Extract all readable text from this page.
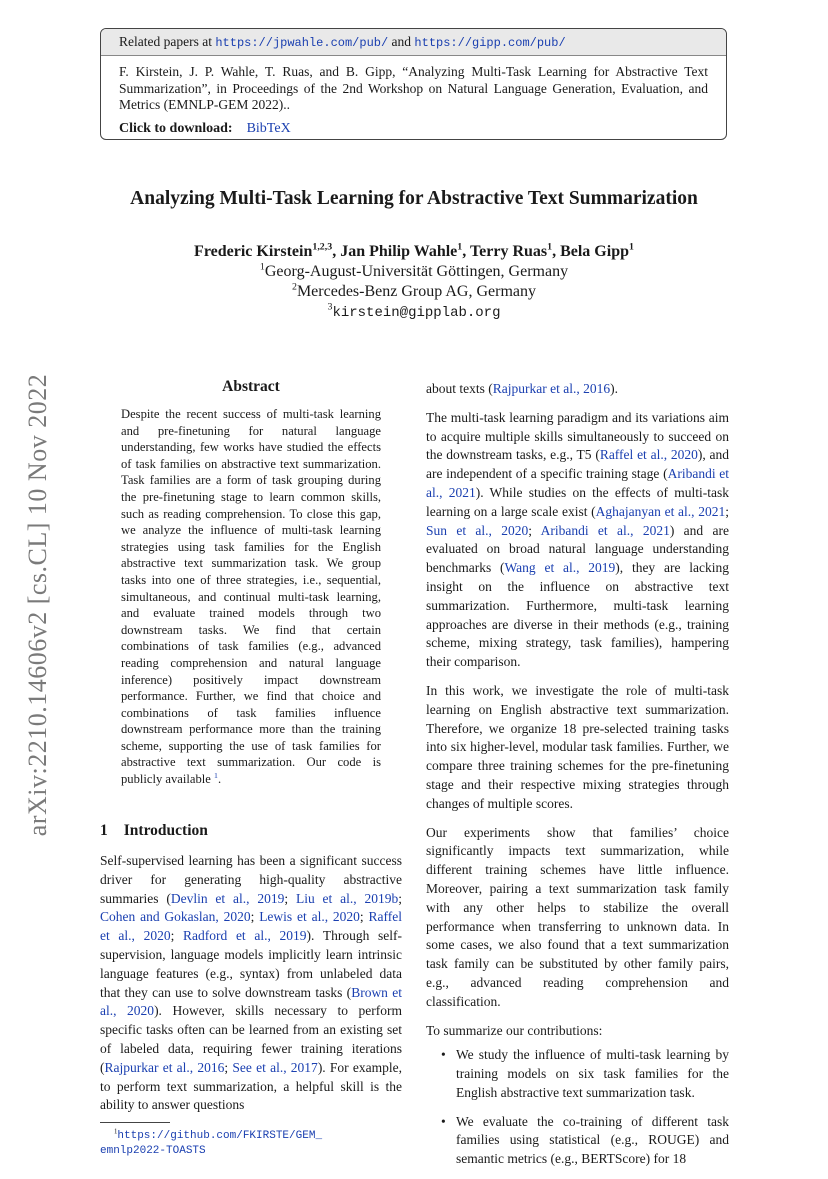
Related papers at https://jpwahle.com/pub/ and https://gipp.com/pub/
F. Kirstein, J. P. Wahle, T. Ruas, and B. Gipp, “Analyzing Multi-Task Learning for Abstractive Text Summarization”, in Proceedings of the 2nd Workshop on Natural Language Generation, Evaluation, and Metrics (EMNLP-GEM 2022)..
Click to download: BibTeX
arXiv:2210.14606v2 [cs.CL] 10 Nov 2022
Analyzing Multi-Task Learning for Abstractive Text Summarization
Frederic Kirstein$^{1,2,3}$, Jan Philip Wahle$^1$, Terry Ruas$^1$, Bela Gipp$^1$
$^1$Georg-August-Universität Göttingen, Germany
$^2$Mercedes-Benz Group AG, Germany
$^3$kirstein@gipplab.org
Abstract
Despite the recent success of multi-task learning and pre-finetuning for natural language understanding, few works have studied the effects of task families on abstractive text summarization. Task families are a form of task grouping during the pre-finetuning stage to learn common skills, such as reading comprehension. To close this gap, we analyze the influence of multi-task learning strategies using task families for the English abstractive text summarization task. We group tasks into one of three strategies, i.e., sequential, simultaneous, and continual multi-task learning, and evaluate trained models through two downstream tasks. We find that certain combinations of task families (e.g., advanced reading comprehension and natural language inference) positively impact downstream performance. Further, we find that choice and combinations of task families influence downstream performance more than the training scheme, supporting the use of task families for abstractive text summarization. Our code is publicly available $^1$.
1 Introduction
Self-supervised learning has been a significant success driver for generating high-quality abstractive summaries (Devlin et al., 2019; Liu et al., 2019b; Cohen and Gokaslan, 2020; Lewis et al., 2020; Raffel et al., 2020; Radford et al., 2019). Through self-supervision, language models implicitly learn intrinsic language features (e.g., syntax) from unlabeled data that they can use to solve downstream tasks (Brown et al., 2020). However, skills necessary to perform specific tasks often can be learned from an existing set of labeled data, requiring fewer training iterations (Rajpurkar et al., 2016; See et al., 2017). For example, to perform text summarization, a helpful skill is the ability to answer questions

about texts (Rajpurkar et al., 2016).

The multi-task learning paradigm and its variations aim to acquire multiple skills simultaneously to succeed on the downstream tasks, e.g., T5 (Raffel et al., 2020), and are independent of a specific training stage (Aribandi et al., 2021). While studies on the effects of multi-task learning on a large scale exist (Aghajanyan et al., 2021; Sun et al., 2020; Aribandi et al., 2021) and are evaluated on broad natural language understanding benchmarks (Wang et al., 2019), they are lacking insight on the influence on abstractive text summarization. Furthermore, multi-task learning approaches are diverse in their methods (e.g., training scheme, mixing strategy, task families), hampering their comparison.

In this work, we investigate the role of multi-task learning on English abstractive text summarization. Therefore, we organize 18 pre-selected training tasks into six higher-level, modular task families. Further, we compare three training schemes for the pre-finetuning stage and their respective mixing strategies through changes of multiple scores.

Our experiments show that families’ choice significantly impacts text summarization, while different training schemes have little influence. Moreover, pairing a text summarization task family with any other helps to stabilize the overall performance when transferring to unknown data. In some cases, we also found that a text summarization task family can be substituted by other family pairs, e.g., advanced reading comprehension and classification.

To summarize our contributions:

• We study the influence of multi-task learning by training models on six task families for the English abstractive text summarization task.
• We evaluate the co-training of different task families using statistical (e.g., ROUGE) and semantic metrics (e.g., BERTScore) for 18
$^1$https://github.com/FKIRSTE/GEM_
emnlp2022-TOASTS
